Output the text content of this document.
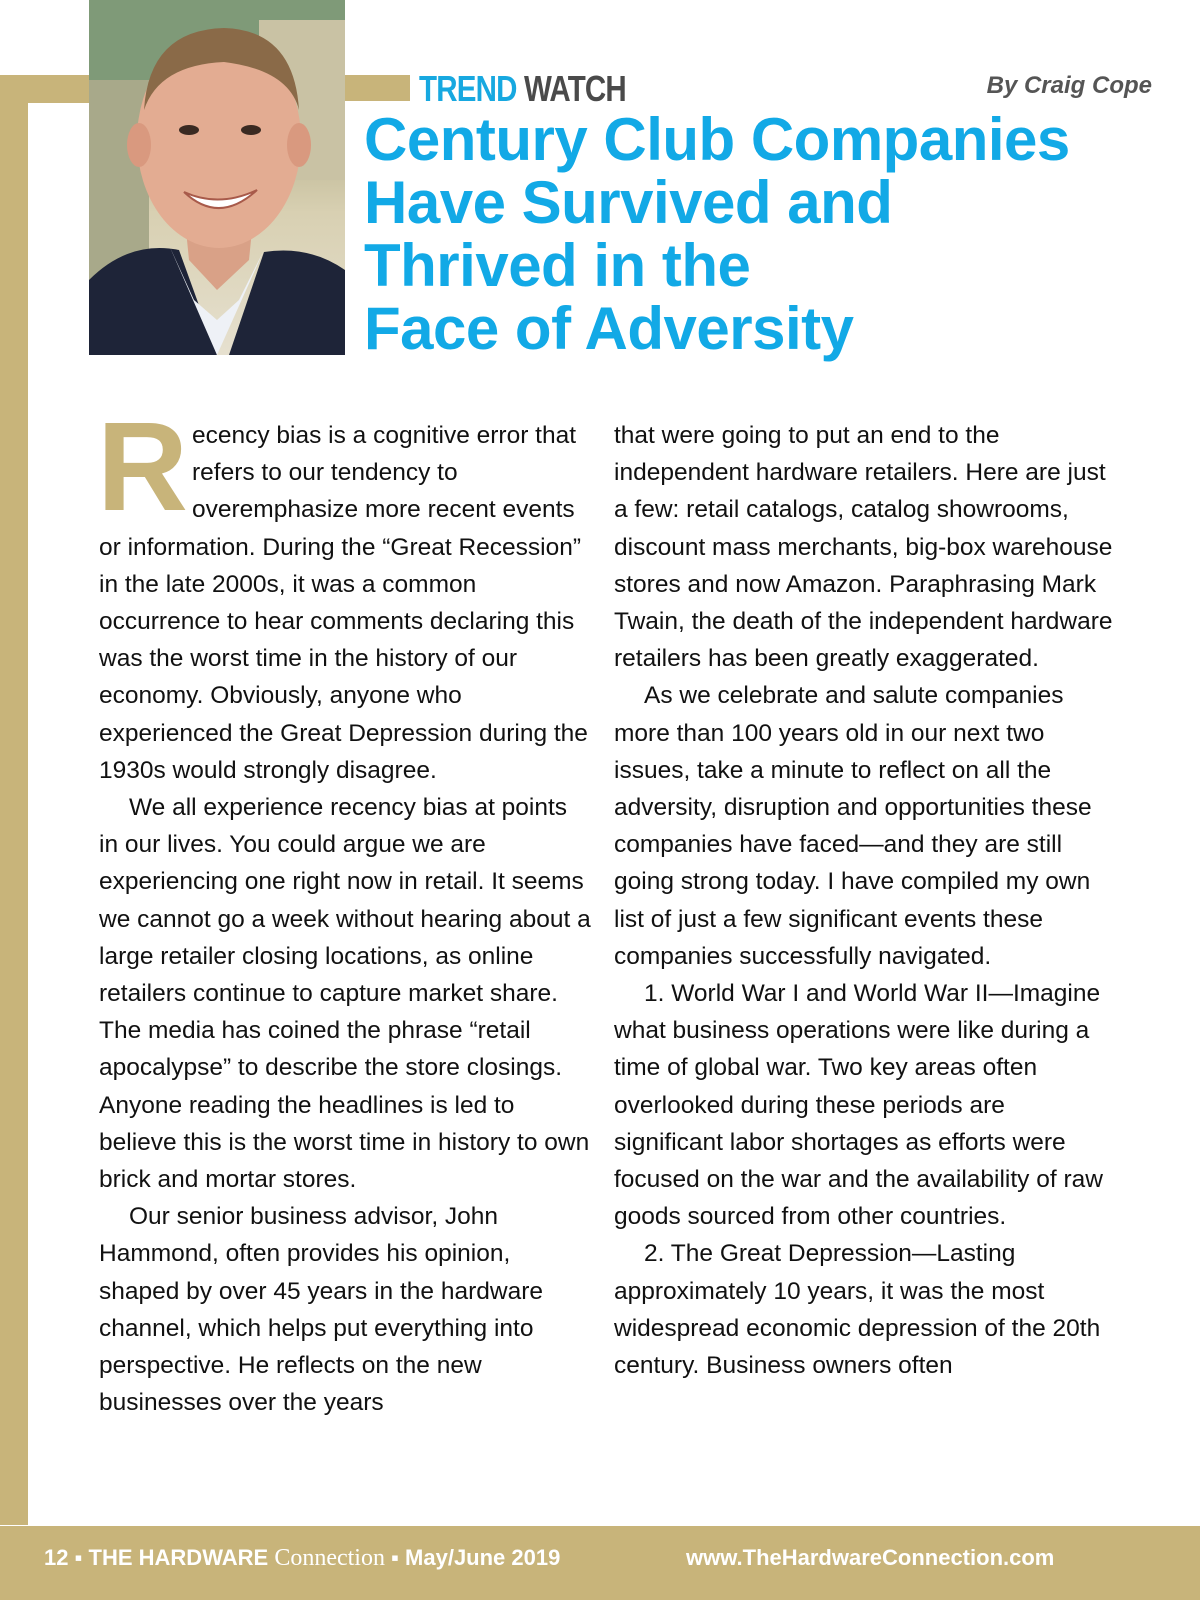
TREND WATCH	By Craig Cope
Century Club Companies
Have Survived and
Thrived in the
Face of Adversity

Recency bias is a cognitive error that refers to our tendency to overemphasize more recent events or information. During the “Great Recession” in the late 2000s, it was a common occurrence to hear comments declaring this was the worst time in the history of our economy. Obviously, anyone who experienced the Great Depression during the 1930s would strongly disagree.

We all experience recency bias at points in our lives. You could argue we are experiencing one right now in retail. It seems we cannot go a week without hearing about a large retailer closing locations, as online retailers continue to capture market share. The media has coined the phrase “retail apocalypse” to describe the store closings. Anyone reading the headlines is led to believe this is the worst time in history to own brick and mortar stores.

Our senior business advisor, John Hammond, often provides his opinion, shaped by over 45 years in the hardware channel, which helps put everything into perspective. He reflects on the new businesses over the years

that were going to put an end to the independent hardware retailers. Here are just a few: retail catalogs, catalog showrooms, discount mass merchants, big-box warehouse stores and now Amazon. Paraphrasing Mark Twain, the death of the independent hardware retailers has been greatly exaggerated.

As we celebrate and salute companies more than 100 years old in our next two issues, take a minute to reflect on all the adversity, disruption and opportunities these companies have faced—and they are still going strong today. I have compiled my own list of just a few significant events these companies successfully navigated.

1. World War I and World War II—Imagine what business operations were like during a time of global war. Two key areas often overlooked during these periods are significant labor shortages as efforts were focused on the war and the availability of raw goods sourced from other countries.

2. The Great Depression—Lasting approximately 10 years, it was the most widespread economic depression of the 20th century. Business owners often

12 ▪ THE HARDWARE Connection ▪ May/June 2019	www.TheHardwareConnection.com
